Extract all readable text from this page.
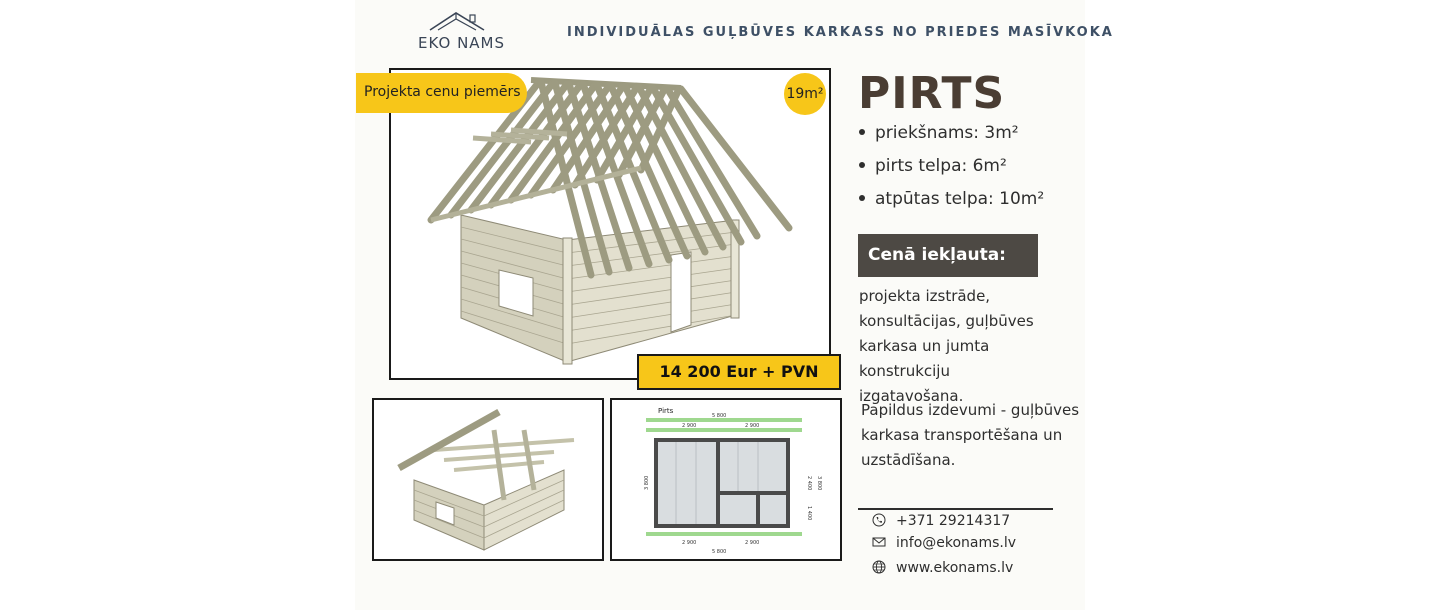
EKO NAMS
INDIVIDUĀLAS GUĻBŪVES KARKASS NO PRIEDES MASĪVKOKA
Projekta cenu piemērs	19m²
14 200 Eur + PVN
Pirts
5 800
2 900	2 900
2 900	2 900
5 800
3 800	2 400
1 400
3 800
PIRTS
priekšnams: 3m²
pirts telpa: 6m²
atpūtas telpa: 10m²
Cenā iekļauta:
projekta izstrāde, konsultācijas, guļbūves karkasa un jumta konstrukciju izgatavošana.
Papildus izdevumi - guļbūves karkasa transportēšana un uzstādīšana.
+371 29214317
info@ekonams.lv
www.ekonams.lv
